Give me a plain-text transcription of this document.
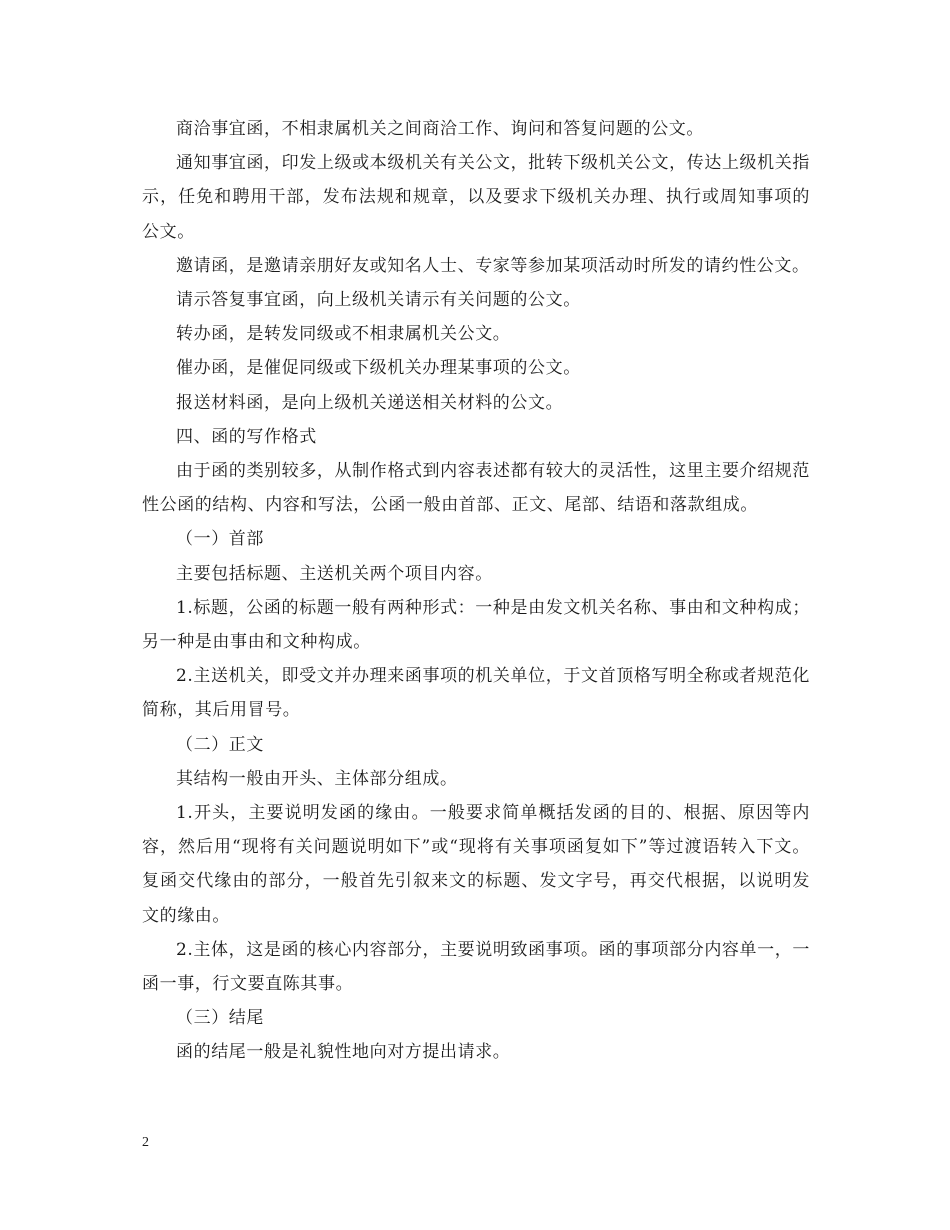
商洽事宜函，不相隶属机关之间商洽工作、询问和答复问题的公文。

通知事宜函，印发上级或本级机关有关公文，批转下级机关公文，传达上级机关指示，任免和聘用干部，发布法规和规章，以及要求下级机关办理、执行或周知事项的公文。

邀请函，是邀请亲朋好友或知名人士、专家等参加某项活动时所发的请约性公文。

请示答复事宜函，向上级机关请示有关问题的公文。

转办函，是转发同级或不相隶属机关公文。

催办函，是催促同级或下级机关办理某事项的公文。

报送材料函，是向上级机关递送相关材料的公文。

四、函的写作格式

由于函的类别较多，从制作格式到内容表述都有较大的灵活性，这里主要介绍规范性公函的结构、内容和写法，公函一般由首部、正文、尾部、结语和落款组成。

（一）首部

主要包括标题、主送机关两个项目内容。

1.标题，公函的标题一般有两种形式：一种是由发文机关名称、事由和文种构成；另一种是由事由和文种构成。

2.主送机关，即受文并办理来函事项的机关单位，于文首顶格写明全称或者规范化简称，其后用冒号。

（二）正文

其结构一般由开头、主体部分组成。

1.开头，主要说明发函的缘由。一般要求简单概括发函的目的、根据、原因等内容，然后用“现将有关问题说明如下”或“现将有关事项函复如下”等过渡语转入下文。复函交代缘由的部分，一般首先引叙来文的标题、发文字号，再交代根据，以说明发文的缘由。

2.主体，这是函的核心内容部分，主要说明致函事项。函的事项部分内容单一，一函一事，行文要直陈其事。

（三）结尾

函的结尾一般是礼貌性地向对方提出请求。

2
